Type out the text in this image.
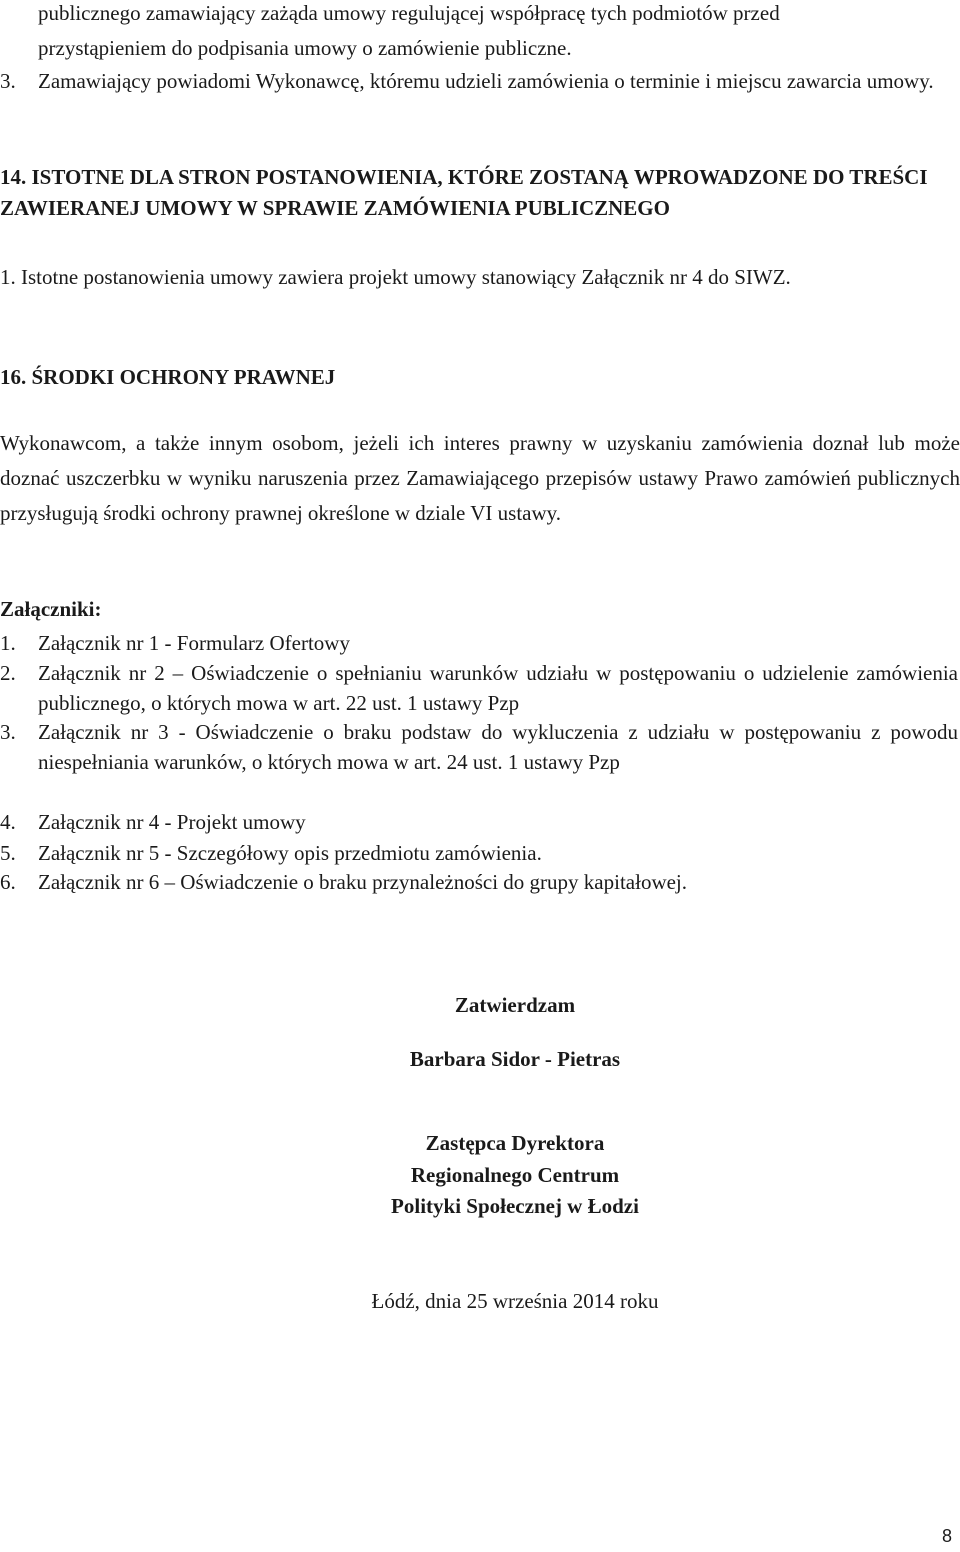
publicznego zamawiający zażąda umowy regulującej współpracę tych podmiotów przed
przystąpieniem do podpisania umowy o zamówienie publiczne.

3. Zamawiający powiadomi Wykonawcę, któremu udzieli zamówienia o terminie i miejscu zawarcia umowy.

14. ISTOTNE DLA STRON POSTANOWIENIA, KTÓRE ZOSTANĄ WPROWADZONE DO TREŚCI ZAWIERANEJ UMOWY W SPRAWIE ZAMÓWIENIA PUBLICZNEGO

1. Istotne postanowienia umowy zawiera projekt umowy stanowiący Załącznik nr 4 do SIWZ.

16. ŚRODKI OCHRONY PRAWNEJ

Wykonawcom, a także innym osobom, jeżeli ich interes prawny w uzyskaniu zamówienia doznał lub może doznać uszczerbku w wyniku naruszenia przez Zamawiającego przepisów ustawy Prawo zamówień publicznych przysługują środki ochrony prawnej określone w dziale VI ustawy.

Załączniki:

1. Załącznik nr 1 - Formularz Ofertowy
2. Załącznik nr 2 – Oświadczenie o spełnianiu warunków udziału w postępowaniu o udzielenie zamówienia publicznego, o których mowa w art. 22 ust. 1 ustawy Pzp
3. Załącznik nr 3 - Oświadczenie o braku podstaw do wykluczenia z udziału w postępowaniu z powodu niespełniania warunków, o których mowa w art. 24 ust. 1 ustawy Pzp
4. Załącznik nr 4 - Projekt umowy
5. Załącznik nr 5 - Szczegółowy opis przedmiotu zamówienia.
6. Załącznik nr 6 – Oświadczenie o braku przynależności do grupy kapitałowej.
Zatwierdzam
Barbara Sidor - Pietras
Zastępca Dyrektora
Regionalnego Centrum
Polityki Społecznej w Łodzi
Łódź, dnia 25 września 2014 roku
8
